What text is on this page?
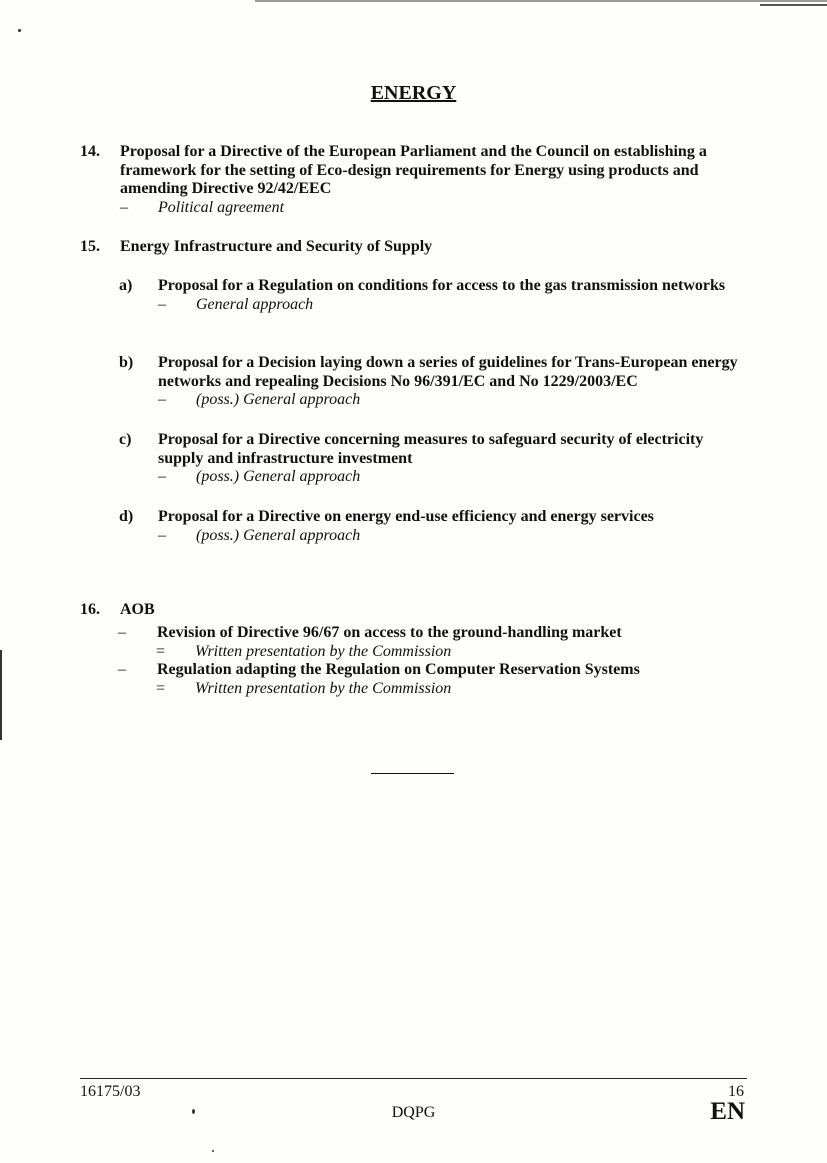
ENERGY
14. Proposal for a Directive of the European Parliament and the Council on establishing a framework for the setting of Eco-design requirements for Energy using products and amending Directive 92/42/EEC
– Political agreement
15. Energy Infrastructure and Security of Supply
a) Proposal for a Regulation on conditions for access to the gas transmission networks
– General approach
b) Proposal for a Decision laying down a series of guidelines for Trans-European energy networks and repealing Decisions No 96/391/EC and No 1229/2003/EC
– (poss.) General approach
c) Proposal for a Directive concerning measures to safeguard security of electricity supply and infrastructure investment
– (poss.) General approach
d) Proposal for a Directive on energy end-use efficiency and energy services
– (poss.) General approach
16. AOB
– Revision of Directive 96/67 on access to the ground-handling market
= Written presentation by the Commission
– Regulation adapting the Regulation on Computer Reservation Systems
= Written presentation by the Commission
16175/03	16
DQPG	EN
